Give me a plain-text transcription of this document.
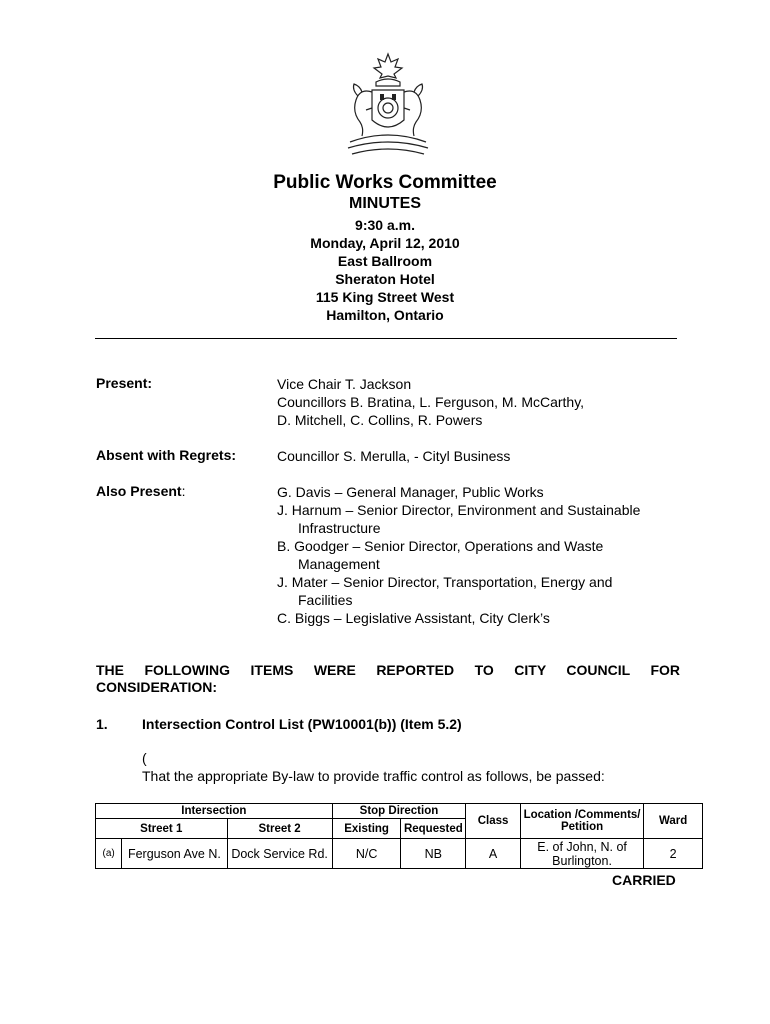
Public Works Committee
MINUTES
9:30 a.m.
Monday, April 12, 2010
East Ballroom
Sheraton Hotel
115 King Street West
Hamilton, Ontario
Present:	Vice Chair T. Jackson
Councillors B. Bratina, L. Ferguson, M. McCarthy,
D. Mitchell, C. Collins, R. Powers
Absent with Regrets:	Councillor S. Merulla, - Cityl Business
Also Present:	G. Davis – General Manager, Public Works
J. Harnum – Senior Director, Environment and Sustainable
Infrastructure
B. Goodger – Senior Director, Operations and Waste
Management
J. Mater – Senior Director, Transportation, Energy and
Facilities
C. Biggs – Legislative Assistant, City Clerk’s
THE FOLLOWING ITEMS WERE REPORTED TO CITY COUNCIL FOR
CONSIDERATION:
1. Intersection Control List (PW10001(b)) (Item 5.2)
(
That the appropriate By-law to provide traffic control as follows, be passed:
Intersection			Stop Direction		Class	Location /Comments/ Petition	Ward
Street 1		Street 2	Existing	Requested			
(a)	Ferguson Ave N.	Dock Service Rd.	N/C	NB	A	E. of John, N. of Burlington.	2
CARRIED
